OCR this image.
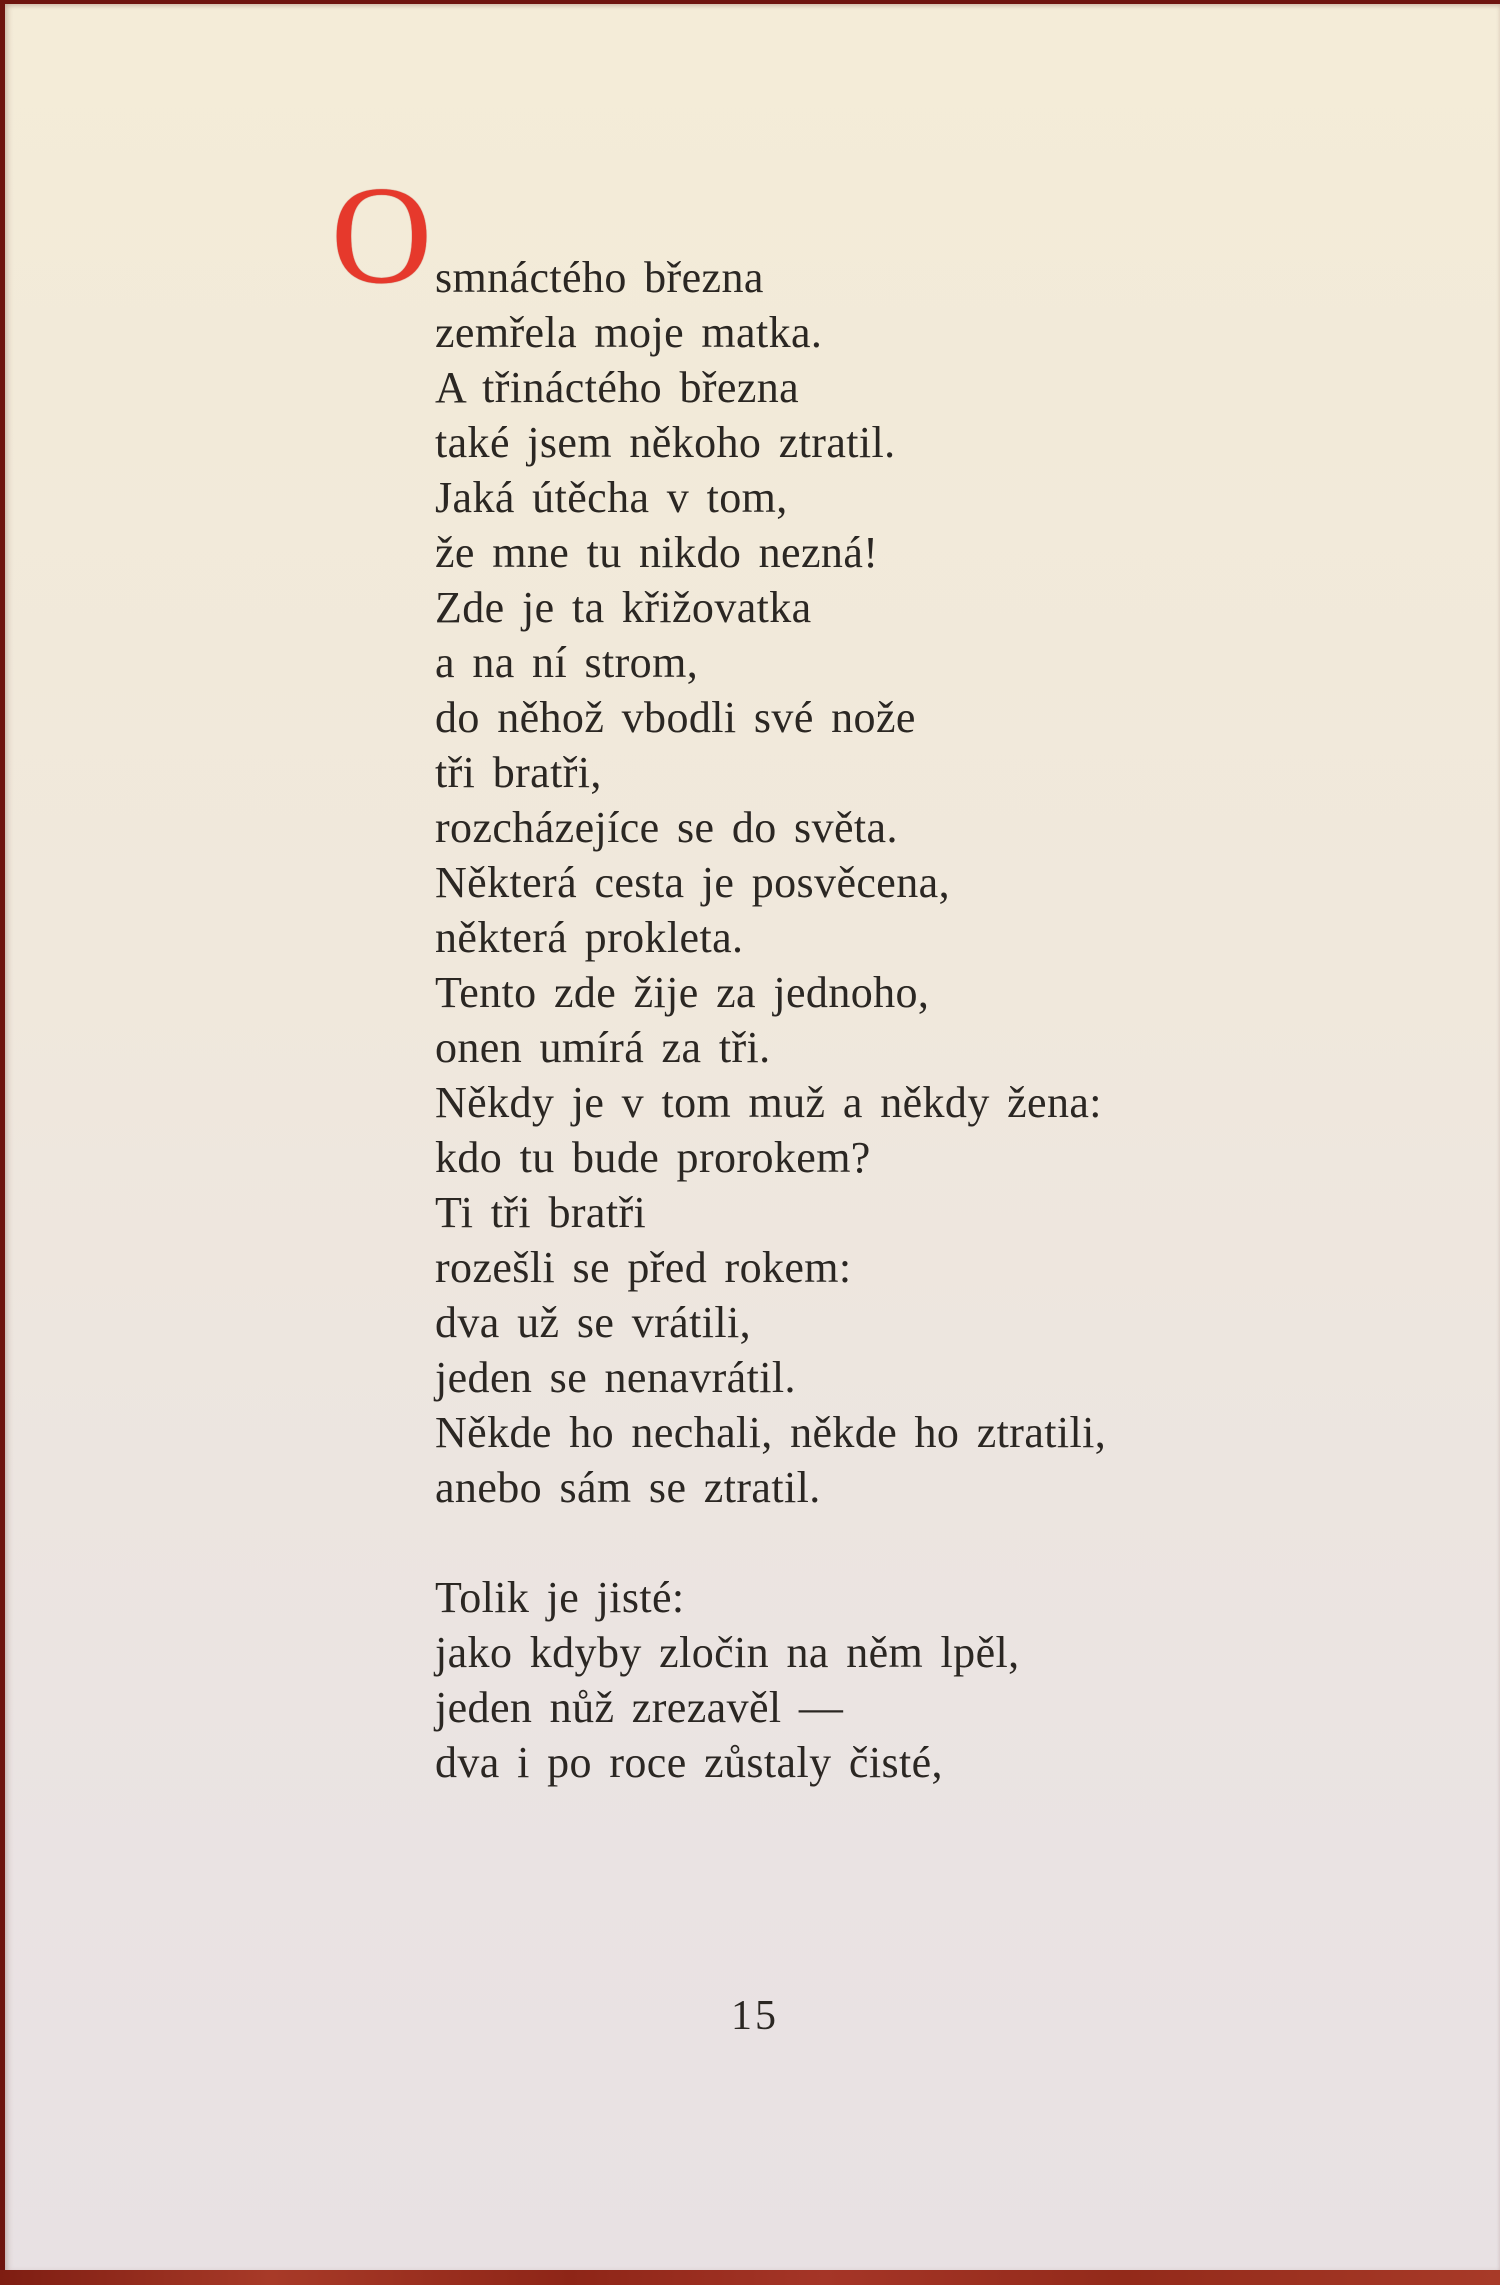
O smnáctého března
zemřela moje matka.
A třináctého března
také jsem někoho ztratil.
Jaká útěcha v tom,
že mne tu nikdo nezná!
Zde je ta křižovatka
a na ní strom,
do něhož vbodli své nože
tři bratři,
rozcházejíce se do světa.
Některá cesta je posvěcena,
některá prokleta.
Tento zde žije za jednoho,
onen umírá za tři.
Někdy je v tom muž a někdy žena:
kdo tu bude prorokem?
Ti tři bratři
rozešli se před rokem:
dva už se vrátili,
jeden se nenavrátil.
Někde ho nechali, někde ho ztratili,
anebo sám se ztratil.
Tolik je jisté:
jako kdyby zločin na něm lpěl,
jeden nůž zrezavěl —
dva i po roce zůstaly čisté,
15
